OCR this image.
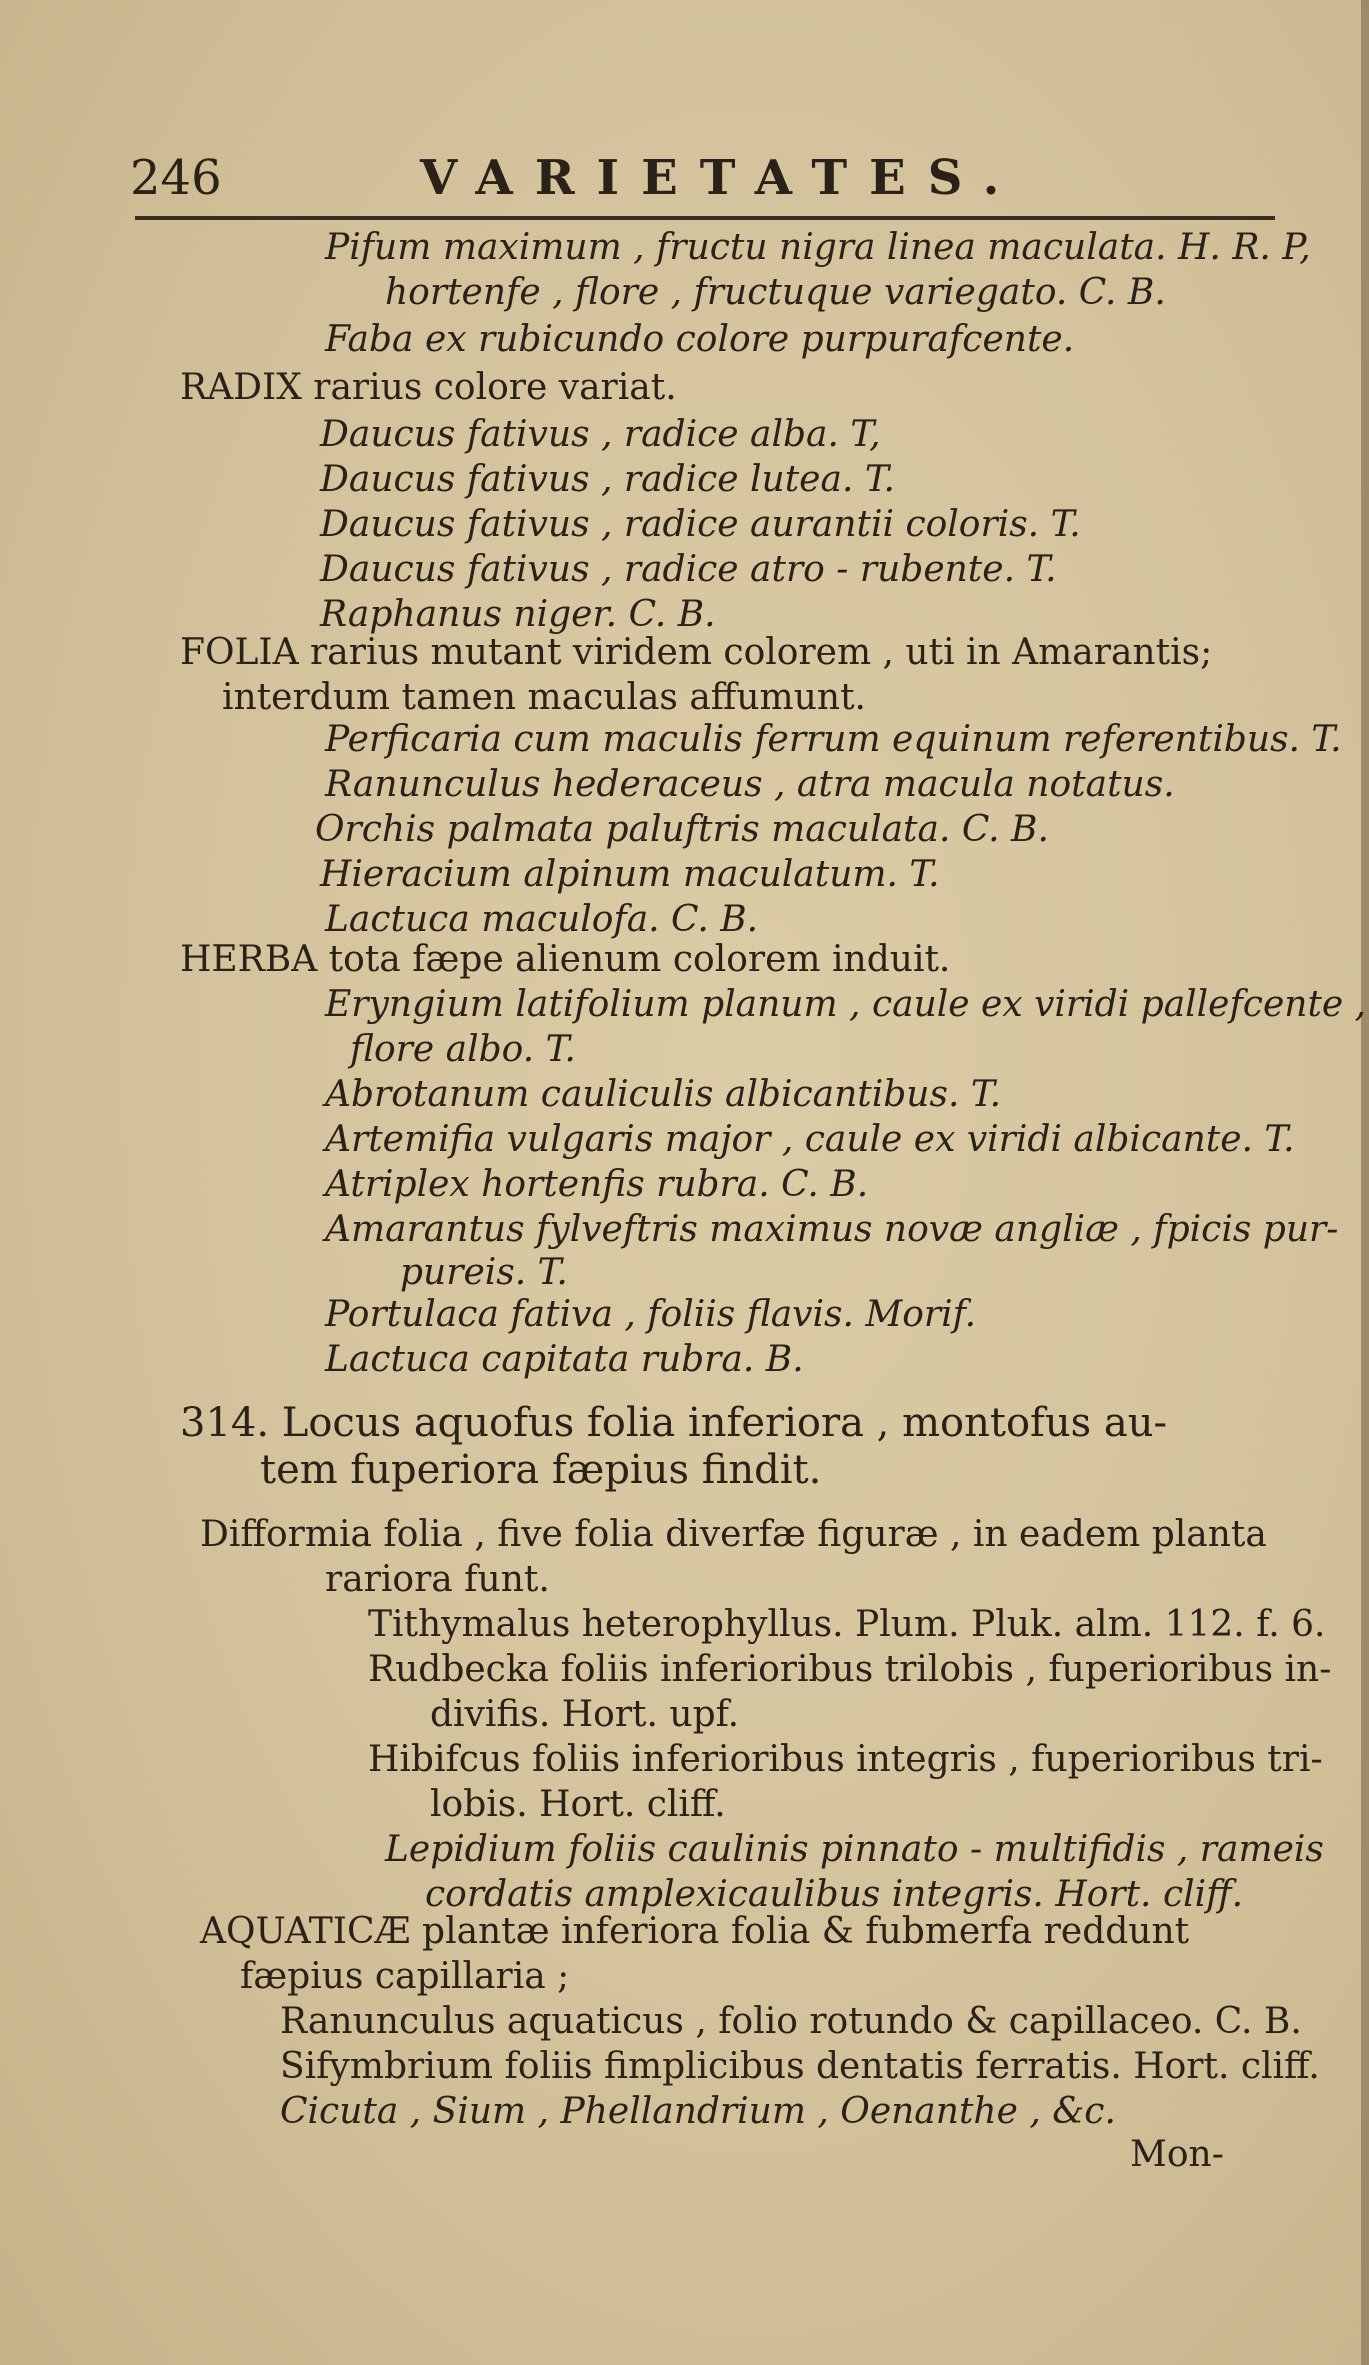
246	VARIETATES.
Pifum maximum , fructu nigra linea maculata. H. R. P,
hortenfe , flore , fructuque variegato. C. B.
Faba ex rubicundo colore purpurafcente.
RADIX rarius colore variat.
Daucus fativus , radice alba. T,
Daucus fativus , radice lutea. T.
Daucus fativus , radice aurantii coloris. T.
Daucus fativus , radice atro - rubente. T.
Raphanus niger. C. B.
FOLIA rarius mutant viridem colorem , uti in Amarantis;
interdum tamen maculas affumunt.
Perficaria cum maculis ferrum equinum referentibus. T.
Ranunculus hederaceus , atra macula notatus.
Orchis palmata paluftris maculata. C. B.
Hieracium alpinum maculatum. T.
Lactuca maculofa. C. B.
HERBA tota fæpe alienum colorem induit.
Eryngium latifolium planum , caule ex viridi pallefcente ,
flore albo. T.
Abrotanum cauliculis albicantibus. T.
Artemifia vulgaris major , caule ex viridi albicante. T.
Atriplex hortenfis rubra. C. B.
Amarantus fylveftris maximus novæ angliæ , fpicis pur-
pureis. T.
Portulaca fativa , foliis flavis. Morif.
Lactuca capitata rubra. B.
314. Locus aquofus folia inferiora , montofus au-
tem fuperiora fæpius findit.
Difformia folia , five folia diverfæ figuræ , in eadem planta
rariora funt.
Tithymalus heterophyllus. Plum. Pluk. alm. 112. f. 6.
Rudbecka foliis inferioribus trilobis , fuperioribus in-
divifis. Hort. upf.
Hibifcus foliis inferioribus integris , fuperioribus tri-
lobis. Hort. cliff.
Lepidium foliis caulinis pinnato - multifidis , rameis
cordatis amplexicaulibus integris. Hort. cliff.
AQUATICÆ plantæ inferiora folia & fubmerfa reddunt
fæpius capillaria ;
Ranunculus aquaticus , folio rotundo & capillaceo. C. B.
Sifymbrium foliis fimplicibus dentatis ferratis. Hort. cliff.
Cicuta , Sium , Phellandrium , Oenanthe , &c.
Mon-
